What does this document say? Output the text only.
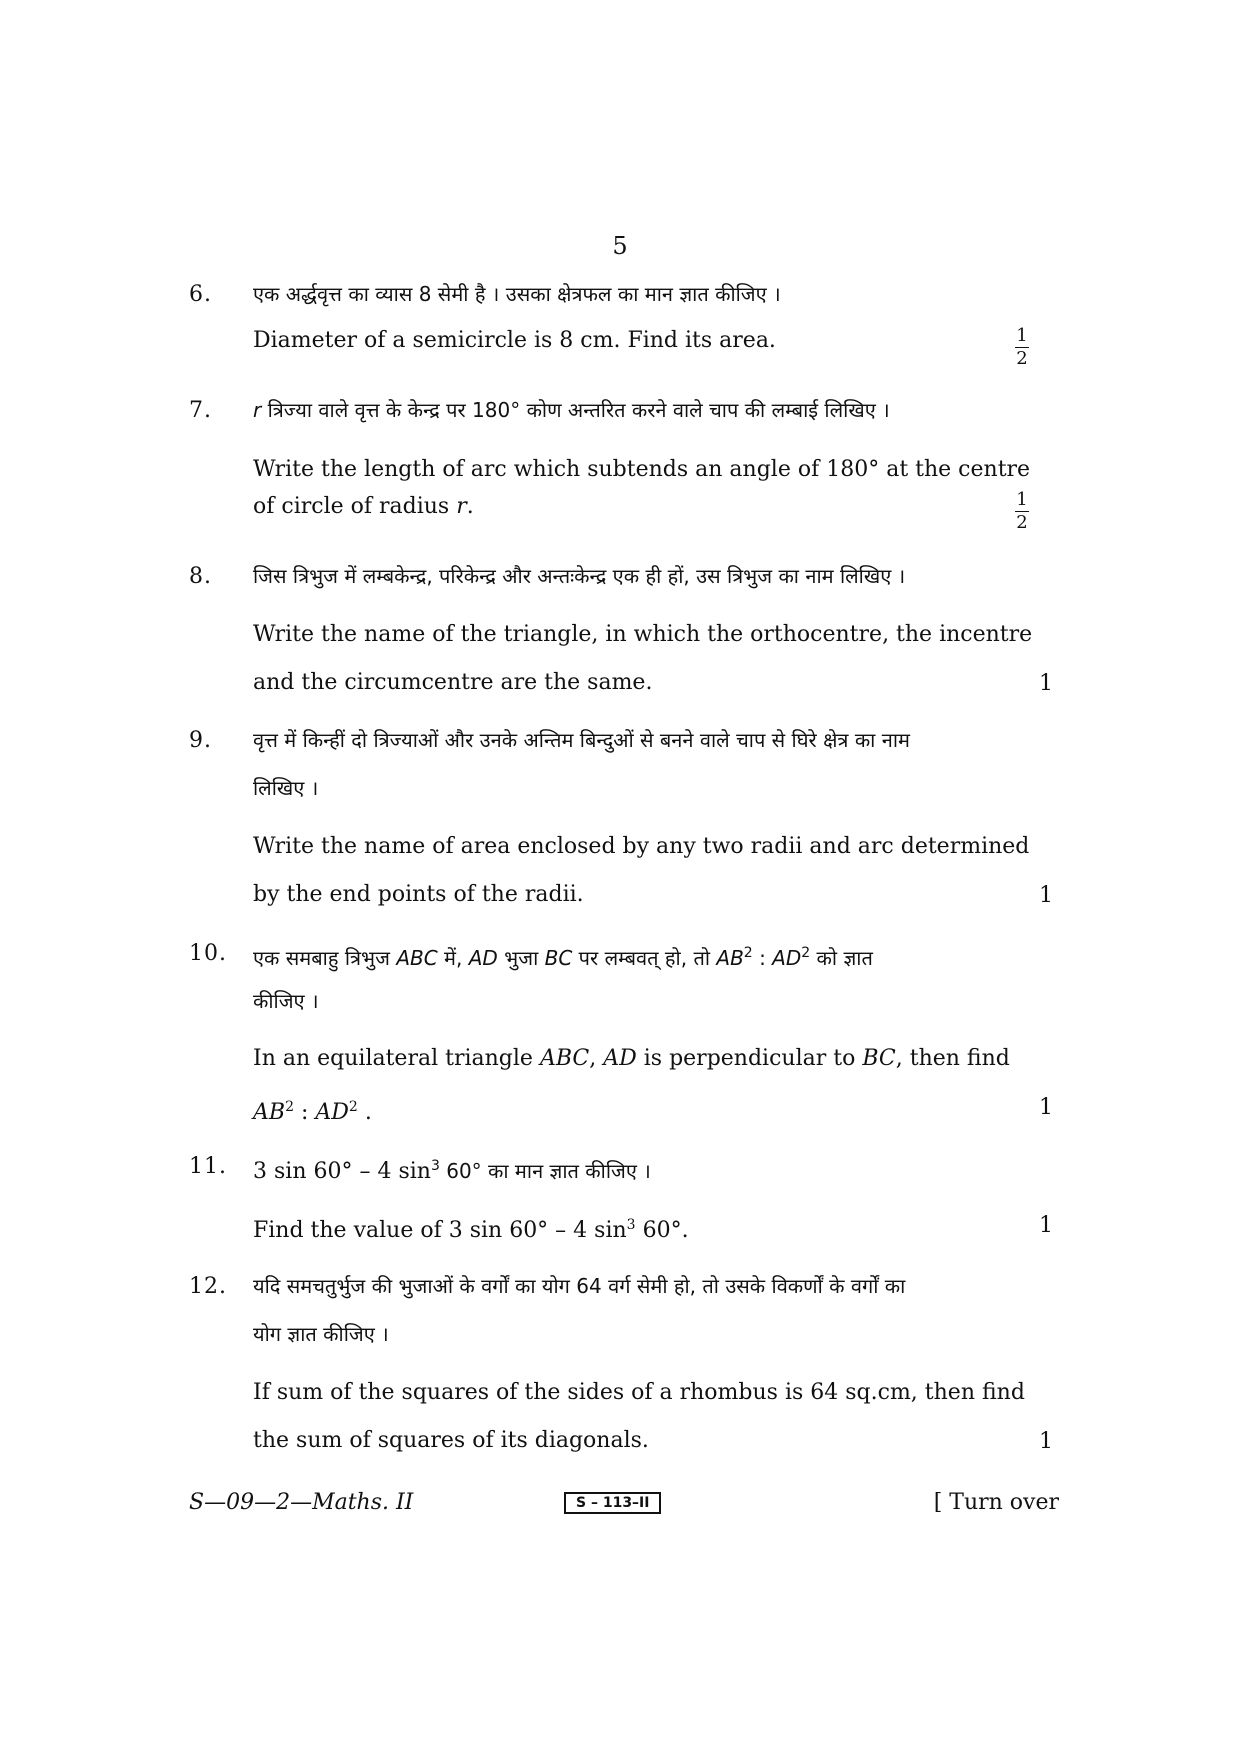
5
6. एक अर्द्धवृत्त का व्यास 8 सेमी है । उसका क्षेत्रफल का मान ज्ञात कीजिए ।
Diameter of a semicircle is 8 cm. Find its area.	$\frac{1}{2}$
7. r त्रिज्या वाले वृत्त के केन्द्र पर 180° कोण अन्तरित करने वाले चाप की लम्बाई लिखिए ।
Write the length of arc which subtends an angle of 180° at the centre
of circle of radius r.	$\frac{1}{2}$
8. जिस त्रिभुज में लम्बकेन्द्र, परिकेन्द्र और अन्तःकेन्द्र एक ही हों, उस त्रिभुज का नाम लिखिए ।
Write the name of the triangle, in which the orthocentre, the incentre
and the circumcentre are the same.	1
9. वृत्त में किन्हीं दो त्रिज्याओं और उनके अन्तिम बिन्दुओं से बनने वाले चाप से घिरे क्षेत्र का नाम
लिखिए ।
Write the name of area enclosed by any two radii and arc determined
by the end points of the radii.	1
10. एक समबाहु त्रिभुज ABC में, AD भुजा BC पर लम्बवत् हो, तो $AB^2$ : $AD^2$ को ज्ञात
कीजिए ।
In an equilateral triangle ABC, AD is perpendicular to BC, then find
$AB^2$ : $AD^2$ .	1
11. 3 sin 60° – 4 $\sin^3 60^\circ$ का मान ज्ञात कीजिए ।
Find the value of 3 sin 60° – 4 $\sin^3 60^\circ$.	1
12. यदि समचतुर्भुज की भुजाओं के वर्गों का योग 64 वर्ग सेमी हो, तो उसके विकर्णों के वर्गों का
योग ज्ञात कीजिए ।
If sum of the squares of the sides of a rhombus is 64 sq.cm, then find
the sum of squares of its diagonals.	1
S—09—2—Maths. II	S – 113–II	[ Turn over
